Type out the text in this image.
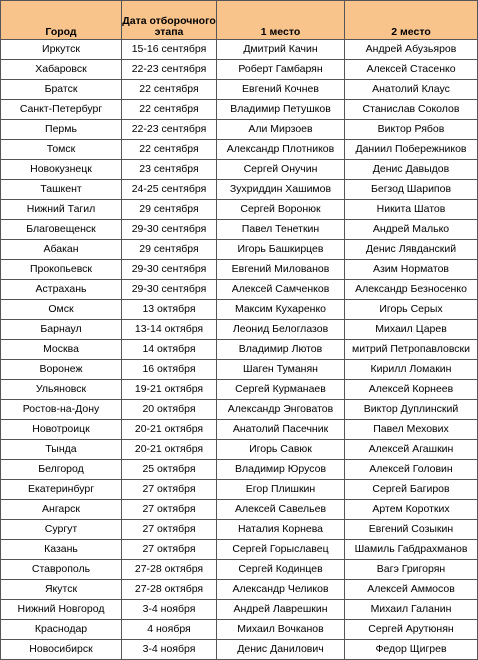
Город	Дата отборочного этапа	1 место	2 место
Иркутск	15-16 сентября	Дмитрий Качин	Андрей Абузьяров
Хабаровск	22-23 сентября	Роберт Гамбарян	Алексей Стасенко
Братск	22 сентября	Евгений Кочнев	Анатолий Клаус
Санкт-Петербург	22 сентября	Владимир Петушков	Станислав Соколов
Пермь	22-23 сентября	Али Мирзоев	Виктор Рябов
Томск	22 сентября	Александр Плотников	Даниил Побережников
Новокузнецк	23 сентября	Сергей Онучин	Денис Давыдов
Ташкент	24-25 сентября	Зухриддин Хашимов	Бегзод Шарипов
Нижний Тагил	29 сентября	Сергей Воронюк	Никита Шатов
Благовещенск	29-30 сентября	Павел Тенеткин	Андрей Малько
Абакан	29 сентября	Игорь Башкирцев	Денис Лявданский
Прокопьевск	29-30 сентября	Евгений Милованов	Азим Норматов
Астрахань	29-30 сентября	Алексей Самченков	Александр Безносенко
Омск	13 октября	Максим Кухаренко	Игорь Серых
Барнаул	13-14 октября	Леонид Белоглазов	Михаил Царев
Москва	14 октября	Владимир Лютов	митрий Петропавловски
Воронеж	16 октября	Шаген Туманян	Кирилл Ломакин
Ульяновск	19-21 октября	Сергей Курманаев	Алексей Корнеев
Ростов-на-Дону	20 октября	Александр Энговатов	Виктор Дуплинский
Новотроицк	20-21 октября	Анатолий Пасечник	Павел Мехових
Тында	20-21 октября	Игорь Савюк	Алексей Агашкин
Белгород	25 октября	Владимир Юрусов	Алексей Головин
Екатеринбург	27 октября	Егор Плишкин	Сергей Багиров
Ангарск	27 октября	Алексей Савельев	Артем Коротких
Сургут	27 октября	Наталия Корнева	Евгений Созыкин
Казань	27 октября	Сергей Горыславец	Шамиль Габдрахманов
Ставрополь	27-28 октября	Сергей Кодинцев	Вагэ Григорян
Якутск	27-28 октября	Александр Челиков	Алексей Аммосов
Нижний Новгород	3-4 ноября	Андрей Лаврешкин	Михаил Галанин
Краснодар	4 ноября	Михаил Вочканов	Сергей Арутюнян
Новосибирск	3-4 ноября	Денис Данилович	Федор Щигрев
